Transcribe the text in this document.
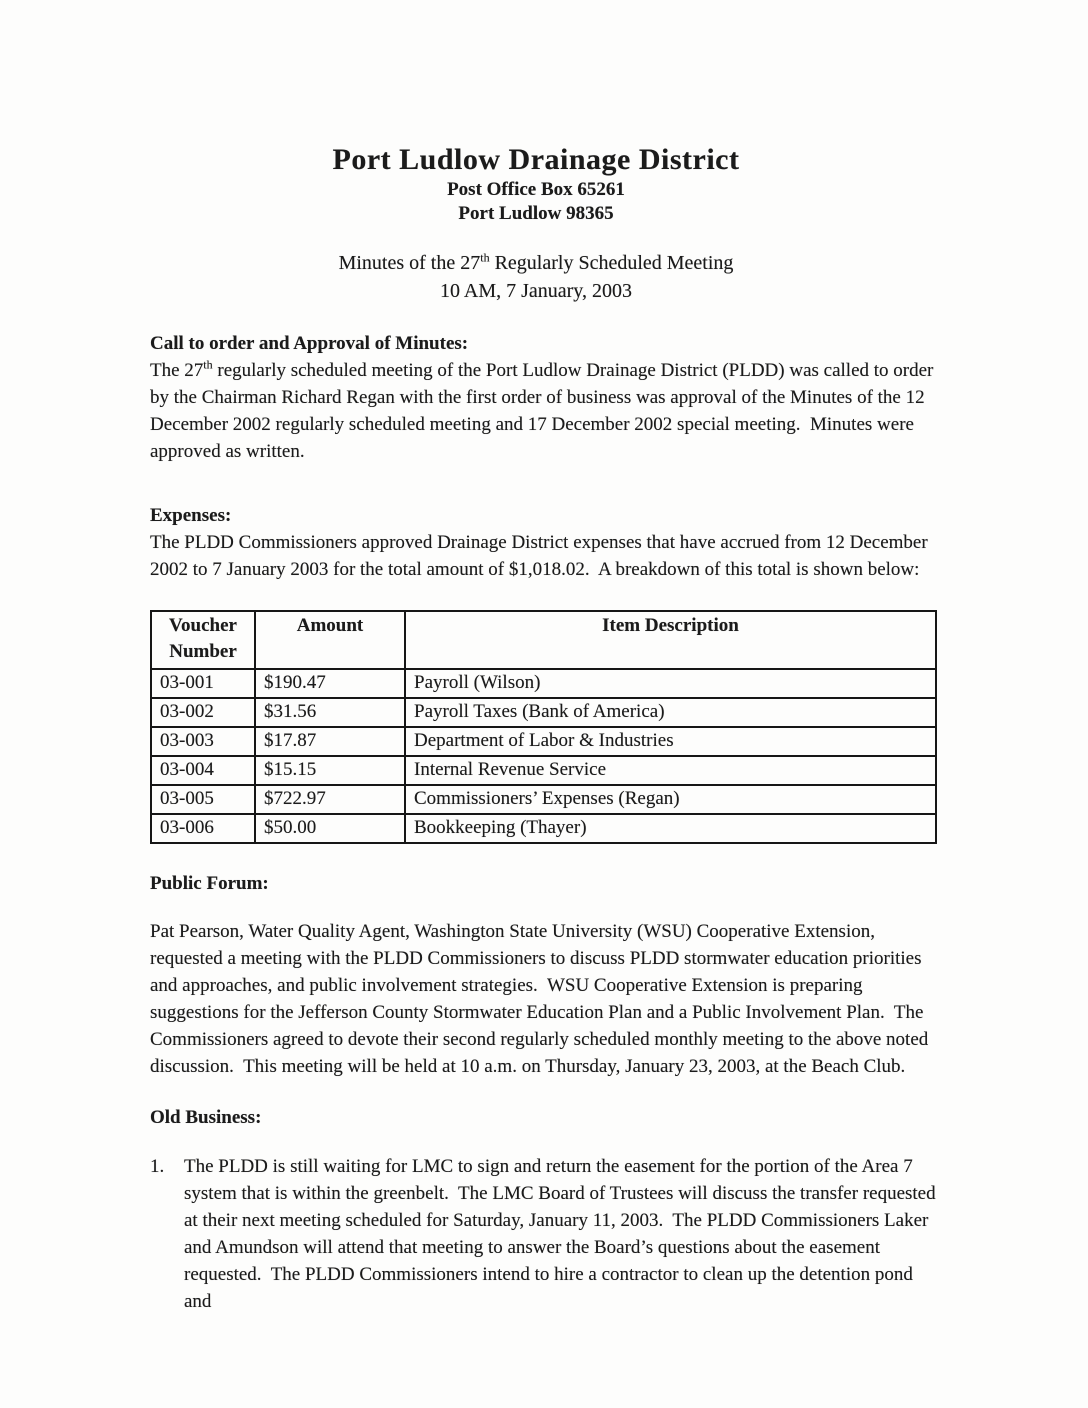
Port Ludlow Drainage District
Post Office Box 65261
Port Ludlow 98365
Minutes of the 27th Regularly Scheduled Meeting
10 AM, 7 January, 2003
Call to order and Approval of Minutes:
The 27th regularly scheduled meeting of the Port Ludlow Drainage District (PLDD) was called to order by the Chairman Richard Regan with the first order of business was approval of the Minutes of the 12 December 2002 regularly scheduled meeting and 17 December 2002 special meeting.  Minutes were approved as written.
Expenses:
The PLDD Commissioners approved Drainage District expenses that have accrued from 12 December 2002 to 7 January 2003 for the total amount of $1,018.02.  A breakdown of this total is shown below:
Voucher Number	Amount	Item Description
03-001	$190.47	Payroll (Wilson)
03-002	$31.56	Payroll Taxes (Bank of America)
03-003	$17.87	Department of Labor & Industries
03-004	$15.15	Internal Revenue Service
03-005	$722.97	Commissioners’ Expenses (Regan)
03-006	$50.00	Bookkeeping (Thayer)
Public Forum:
Pat Pearson, Water Quality Agent, Washington State University (WSU) Cooperative Extension, requested a meeting with the PLDD Commissioners to discuss PLDD stormwater education priorities and approaches, and public involvement strategies.  WSU Cooperative Extension is preparing suggestions for the Jefferson County Stormwater Education Plan and a Public Involvement Plan.  The Commissioners agreed to devote their second regularly scheduled monthly meeting to the above noted discussion.  This meeting will be held at 10 a.m. on Thursday, January 23, 2003, at the Beach Club.
Old Business:
1.	The PLDD is still waiting for LMC to sign and return the easement for the portion of the Area 7 system that is within the greenbelt.  The LMC Board of Trustees will discuss the transfer requested at their next meeting scheduled for Saturday, January 11, 2003.  The PLDD Commissioners Laker and Amundson will attend that meeting to answer the Board’s questions about the easement requested.  The PLDD Commissioners intend to hire a contractor to clean up the detention pond and
